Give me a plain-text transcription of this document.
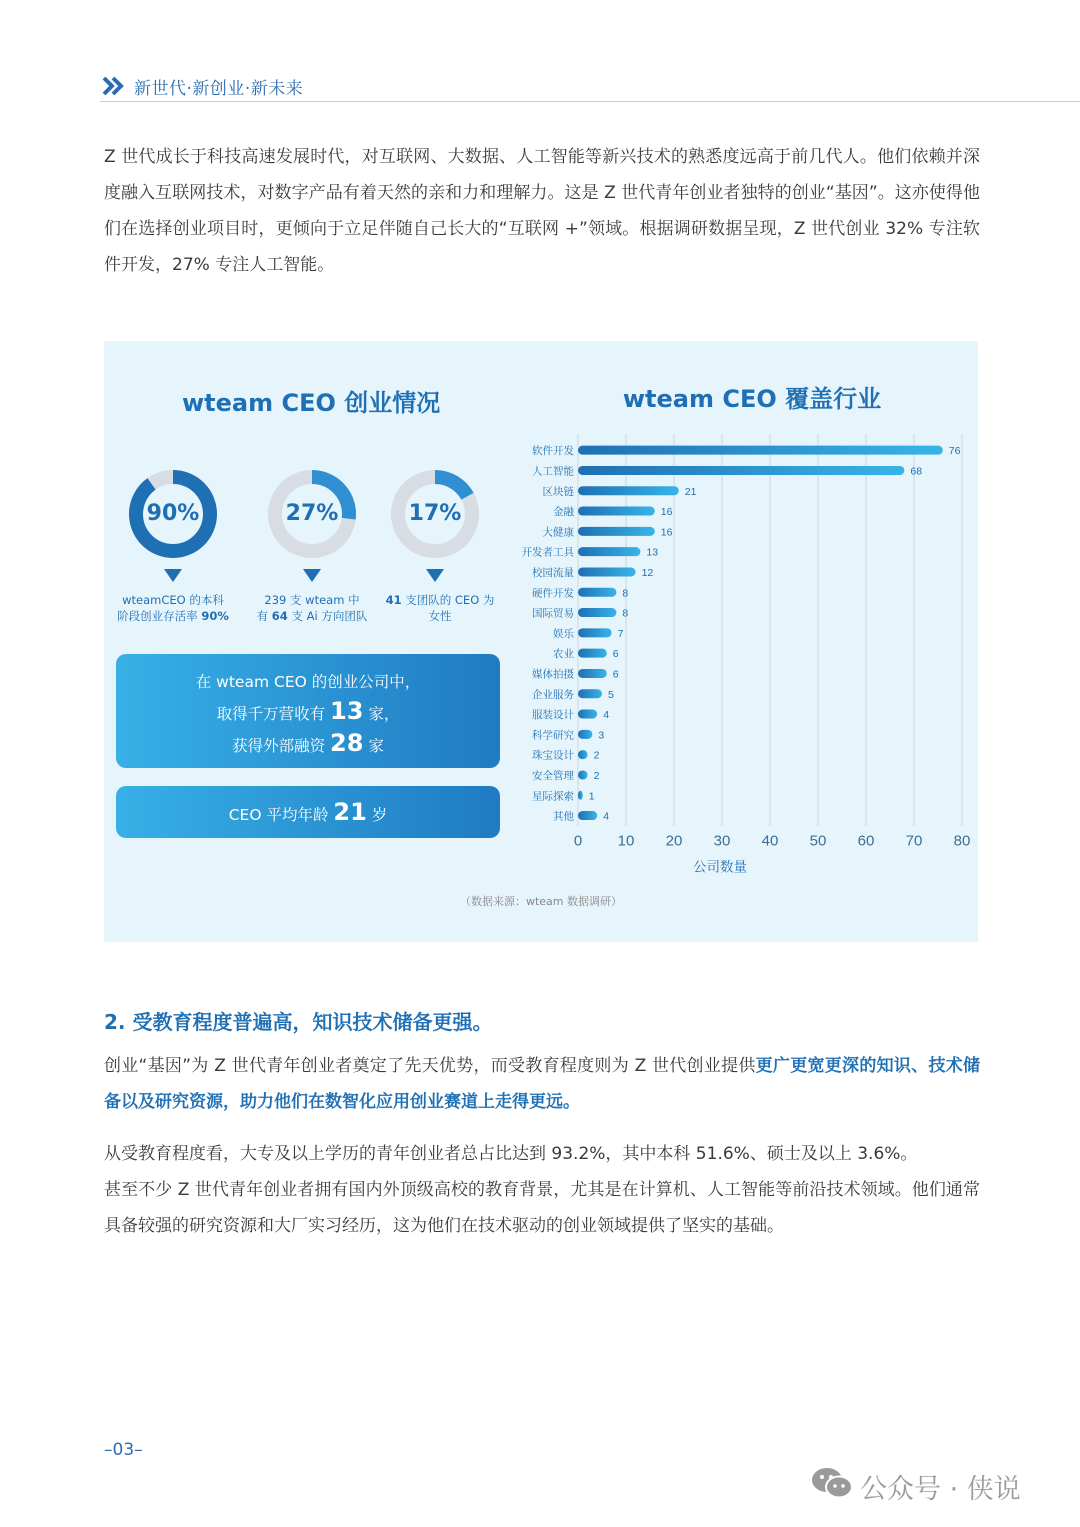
新世代·新创业·新未来

Z 世代成长于科技高速发展时代，对互联网、大数据、人工智能等新兴技术的熟悉度远高于前几代人。他们依赖并深度融入互联网技术，对数字产品有着天然的亲和力和理解力。这是 Z 世代青年创业者独特的创业“基因”。这亦使得他们在选择创业项目时，更倾向于立足伴随自己长大的“互联网 +”领域。根据调研数据呈现，Z 世代创业 32% 专注软件开发，27% 专注人工智能。

wteam CEO 创业情况	wteam CEO 覆盖行业
90%
wteamCEO 的本科
阶段创业存活率 90%
27%
239 支 wteam 中
有 64 支 Ai 方向团队
17%
41 支团队的 CEO 为
女性
在 wteam CEO 的创业公司中，
取得千万营收有 13 家，
获得外部融资 28 家
CEO 平均年龄 21 岁
0 10 20 30 40 50 60 70 80
软件开发	76
人工智能	68
区块链	21
金融	16
大健康	16
开发者工具	13
校园流量	12
硬件开发	8
国际贸易	8
娱乐	7
农业	6
媒体拍摄	6
企业服务	5
服装设计	4
科学研究 3
珠宝设计 2
安全管理 2
星际探索 1
其他	4
公司数量
（数据来源：wteam 数据调研）
2. 受教育程度普遍高，知识技术储备更强。

创业“基因”为 Z 世代青年创业者奠定了先天优势，而受教育程度则为 Z 世代创业提供更广更宽更深的知识、技术储备以及研究资源，助力他们在数智化应用创业赛道上走得更远。

从受教育程度看，大专及以上学历的青年创业者总占比达到 93.2%，其中本科 51.6%、硕士及以上 3.6%。
甚至不少 Z 世代青年创业者拥有国内外顶级高校的教育背景，尤其是在计算机、人工智能等前沿技术领域。他们通常具备较强的研究资源和大厂实习经历，这为他们在技术驱动的创业领域提供了坚实的基础。
–03–
公众号 · 侠说
